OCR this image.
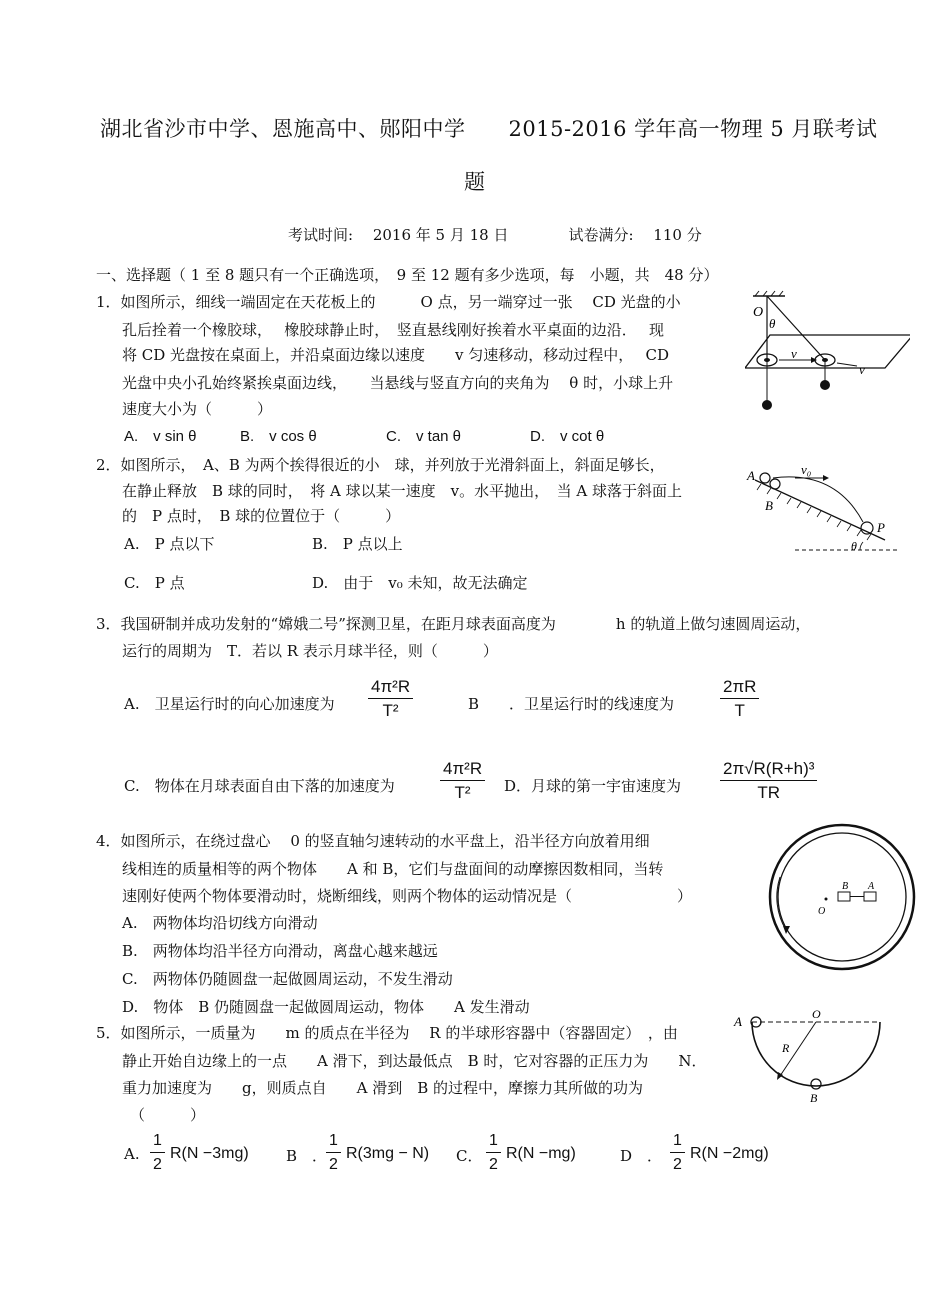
湖北省沙市中学、恩施高中、郧阳中学　　2015-2016 学年高一物理 5 月联考试
题
考试时间:　 2016 年 5 月 18 日　　　　试卷满分:　 110 分
一、选择题（ 1 至 8 题只有一个正确选项，　9 至 12 题有多少选项，每　小题，共　48 分）
1．如图所示，细线一端固定在天花板上的　　　O 点，另一端穿过一张　 CD 光盘的小
孔后拴着一个橡胶球，　 橡胶球静止时，　竖直悬线刚好挨着水平桌面的边沿．　 现
将 CD 光盘按在桌面上，并沿桌面边缘以速度　　v 匀速移动，移动过程中，　 CD
光盘中央小孔始终紧挨桌面边线，　　当悬线与竖直方向的夹角为　 θ 时，小球上升
速度大小为（　　　）
A.　v sin θ	B.　v cos θ	C.　v tan θ	D.　v cot θ
O
θ
v
v
2．如图所示，　A、B 为两个挨得很近的小　球，并列放于光滑斜面上，斜面足够长，
在静止释放　B 球的同时，　将 A 球以某一速度　v。水平抛出，　当 A 球落于斜面上
的　P 点时，　B 球的位置位于（　　　）
A.　P 点以下	B.　P 点以上
C.　P 点	D.　由于　v₀ 未知，故无法确定
A
B
v₀
P
θ
3．我国研制并成功发射的“嫦娥二号”探测卫星，在距月球表面高度为　　　　h 的轨道上做匀速圆周运动，
运行的周期为　T．若以 R 表示月球半径，则（　　　）
A.　卫星运行时的向心加速度为 $\frac{\text{4π²R}}{\text{T²}}$	B　　．卫星运行时的线速度为	$\frac{2\pi R}{T}$
C.　物体在月球表面自由下落的加速度为	$\frac{\text{4π²R}}{\text{T²}}$ D．月球的第一宇宙速度为 $\frac{\text{2π√R(R+h)³}}{TR}$
4．如图所示，在绕过盘心　 0 的竖直轴匀速转动的水平盘上，沿半径方向放着用细
线相连的质量相等的两个物体　　A 和 B，它们与盘面间的动摩擦因数相同，当转
速刚好使两个物体要滑动时，烧断细线，则两个物体的运动情况是（　　　　　　　）
A.　两物体均沿切线方向滑动
B.　两物体均沿半径方向滑动，离盘心越来越远
C.　两物体仍随圆盘一起做圆周运动，不发生滑动
D.　物体　B 仍随圆盘一起做圆周运动，物体　　A 发生滑动
B A
O
5．如图所示，一质量为　　m 的质点在半径为　 R 的半球形容器中（容器固定）　，由
静止开始自边缘上的一点　　A 滑下，到达最低点　B 时，它对容器的正压力为　　N．
重力加速度为　　g，则质点自　　A 滑到　B 的过程中，摩擦力其所做的功为
（　　　）
A. $\frac{1}{2} R(N -3mg)$ B　．
$\frac{1}{2} R(3mg - N)$ C． $\frac{1}{2} R(N -mg)$	D　． $\frac{1}{2} R(N -2mg)$
A	O
R
B
